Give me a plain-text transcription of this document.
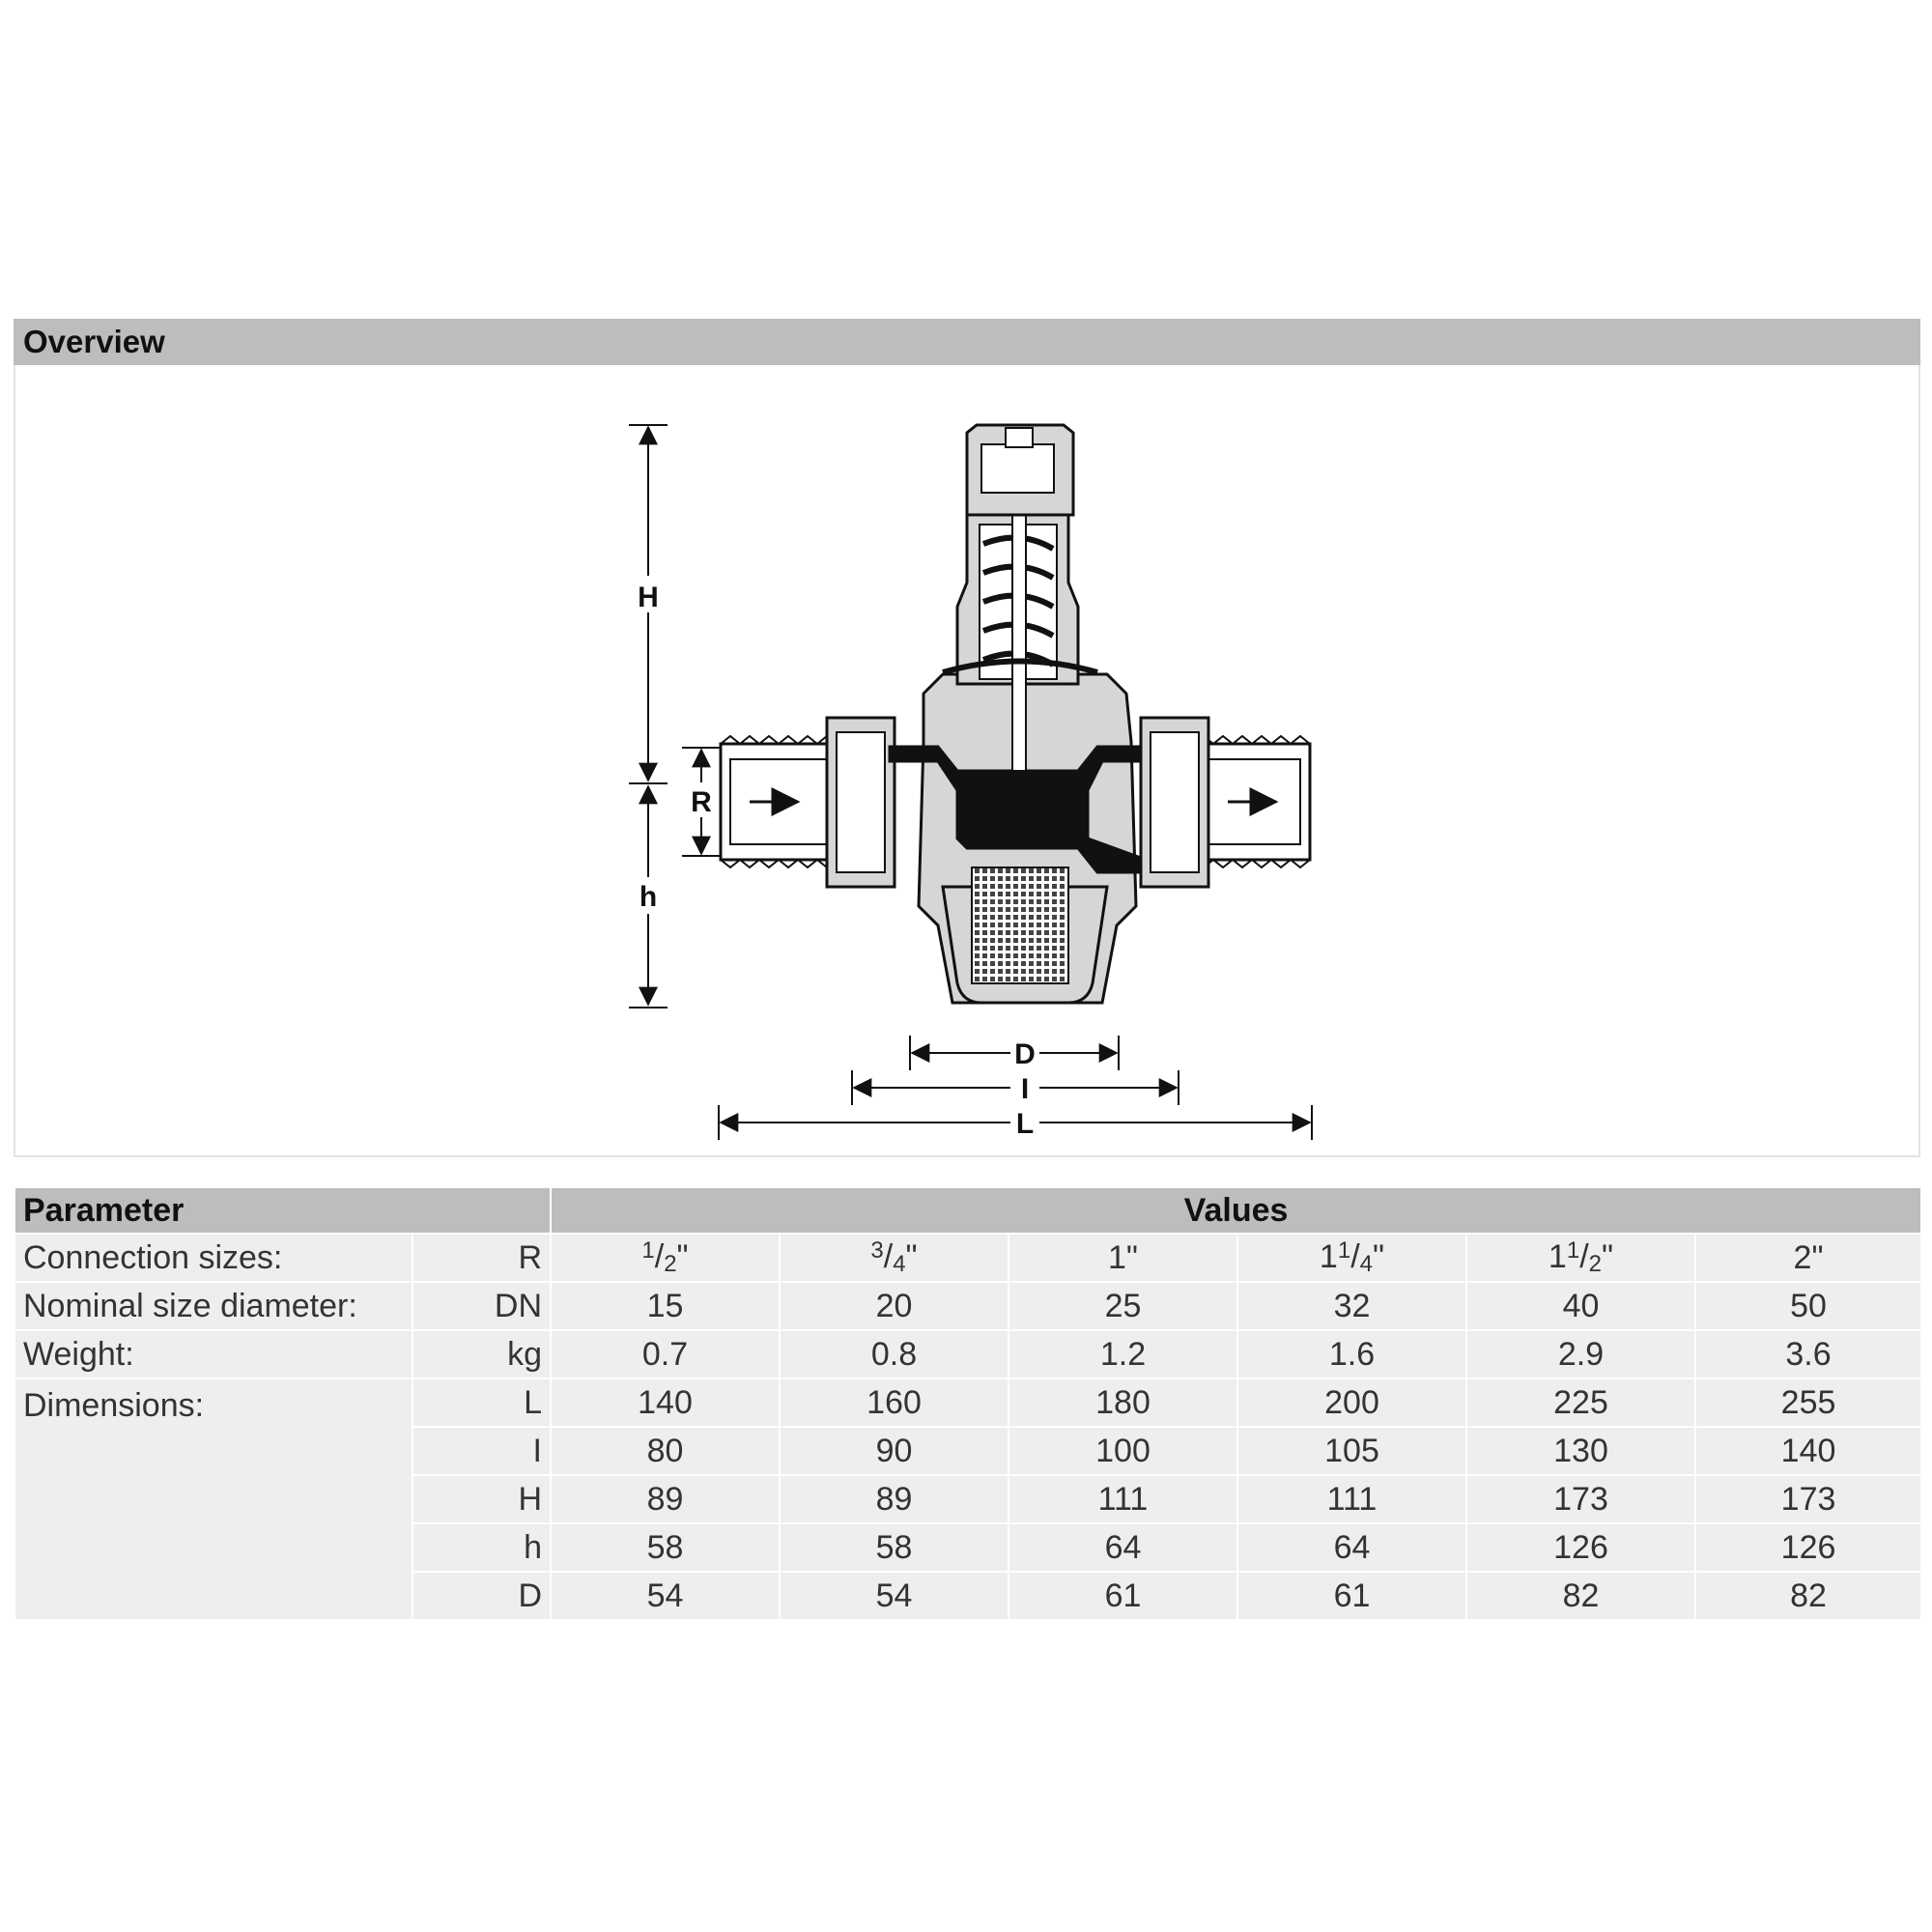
Overview
H
h
R
D
I
L
Parameter		Values					
Connection sizes:	R	$^1/_2$"	$^3/_4$"	1"	$1^1/_4$"	$1^1/_2$"	2"
Nominal size diameter:	DN	15	20	25	32	40	50
Weight:	kg	0.7	0.8	1.2	1.6	2.9	3.6
Dimensions:	L	140	160	180	200	225	255
	I	80	90	100	105	130	140
	H	89	89	111	111	173	173
	h	58	58	64	64	126	126
	D	54	54	61	61	82	82
